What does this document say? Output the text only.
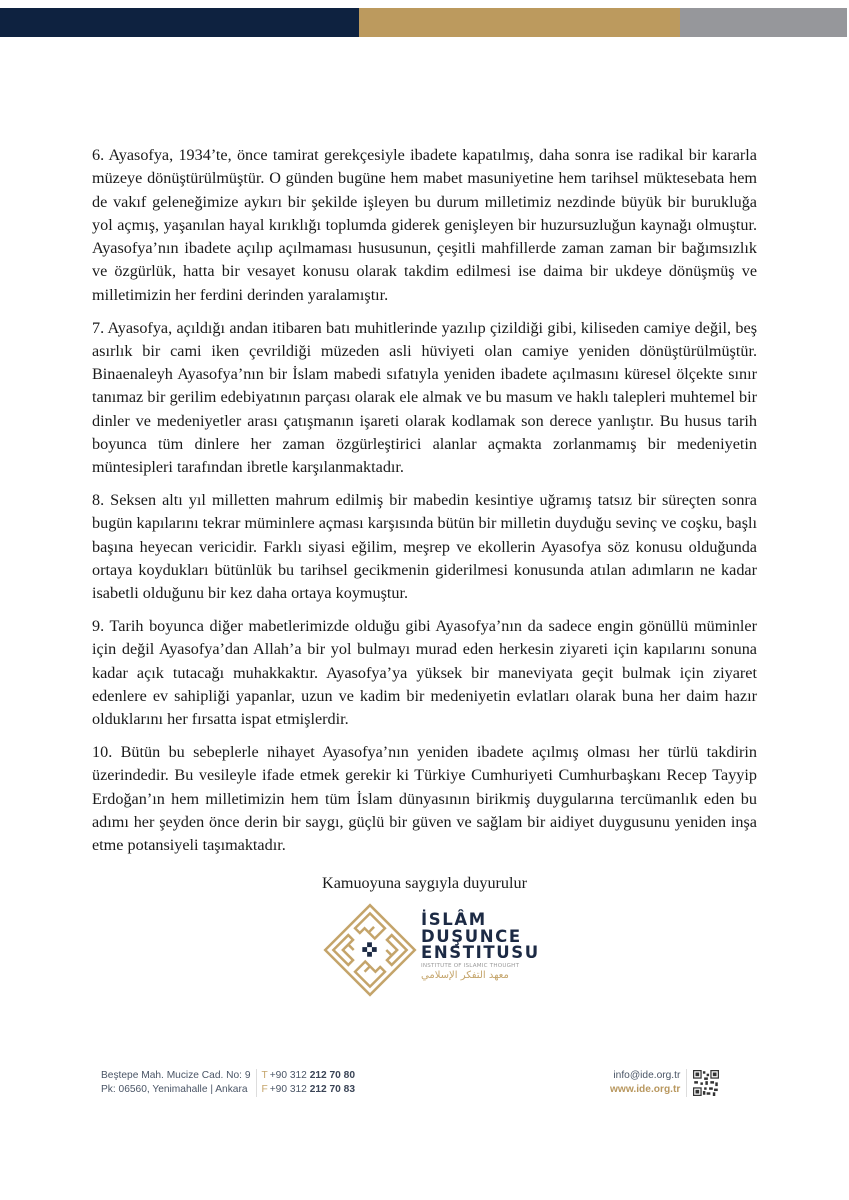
6. Ayasofya, 1934’te, önce tamirat gerekçesiyle ibadete kapatılmış, daha sonra ise radikal bir kararla müzeye dönüştürülmüştür. O günden bugüne hem mabet masuniyetine hem tarihsel müktesebata hem de vakıf geleneğimize aykırı bir şekilde işleyen bu durum milletimiz nezdinde büyük bir burukluğa yol açmış, yaşanılan hayal kırıklığı toplumda giderek genişleyen bir huzursuzluğun kaynağı olmuştur. Ayasofya’nın ibadete açılıp açılmaması hususunun, çeşitli mahfillerde zaman zaman bir bağımsızlık ve özgürlük, hatta bir vesayet konusu olarak takdim edilmesi ise daima bir ukdeye dönüşmüş ve milletimizin her ferdini derinden yaralamıştır.

7. Ayasofya, açıldığı andan itibaren batı muhitlerinde yazılıp çizildiği gibi, kiliseden camiye değil, beş asırlık bir cami iken çevrildiği müzeden asli hüviyeti olan camiye yeniden dönüştürülmüştür. Binaenaleyh Ayasofya’nın bir İslam mabedi sıfatıyla yeniden ibadete açılmasını küresel ölçekte sınır tanımaz bir gerilim edebiyatının parçası olarak ele almak ve bu masum ve haklı talepleri muhtemel bir dinler ve medeniyetler arası çatışmanın işareti olarak kodlamak son derece yanlıştır. Bu husus tarih boyunca tüm dinlere her zaman özgürleştirici alanlar açmakta zorlanmamış bir medeniyetin müntesipleri tarafından ibretle karşılanmaktadır.

8. Seksen altı yıl milletten mahrum edilmiş bir mabedin kesintiye uğramış tatsız bir süreçten sonra bugün kapılarını tekrar müminlere açması karşısında bütün bir milletin duyduğu sevinç ve coşku, başlı başına heyecan vericidir. Farklı siyasi eğilim, meşrep ve ekollerin Ayasofya söz konusu olduğunda ortaya koydukları bütünlük bu tarihsel gecikmenin giderilmesi konusunda atılan adımların ne kadar isabetli olduğunu bir kez daha ortaya koymuştur.

9. Tarih boyunca diğer mabetlerimizde olduğu gibi Ayasofya’nın da sadece engin gönüllü müminler için değil Ayasofya’dan Allah’a bir yol bulmayı murad eden herkesin ziyareti için kapılarını sonuna kadar açık tutacağı muhakkaktır. Ayasofya’ya yüksek bir maneviyata geçit bulmak için ziyaret edenlere ev sahipliği yapanlar, uzun ve kadim bir medeniyetin evlatları olarak buna her daim hazır olduklarını her fırsatta ispat etmişlerdir.

10. Bütün bu sebeplerle nihayet Ayasofya’nın yeniden ibadete açılmış olması her türlü takdirin üzerindedir. Bu vesileyle ifade etmek gerekir ki Türkiye Cumhuriyeti Cumhurbaşkanı Recep Tayyip Erdoğan’ın hem milletimizin hem tüm İslam dünyasının birikmiş duygularına tercümanlık eden bu adımı her şeyden önce derin bir saygı, güçlü bir güven ve sağlam bir aidiyet duygusunu yeniden inşa etme potansiyeli taşımaktadır.

Kamuoyuna saygıyla duyurulur
İSLÂM
DUŞUNCE
ENSTITUSU
INSTITUTE OF ISLAMIC THOUGHT
معهد التفكر الإسلامي
Beştepe Mah. Mucize Cad. No: 9
Pk: 06560, Yenimahalle | Ankara
T +90 312 212 70 80
F +90 312 212 70 83
info@ide.org.tr
www.ide.org.tr
